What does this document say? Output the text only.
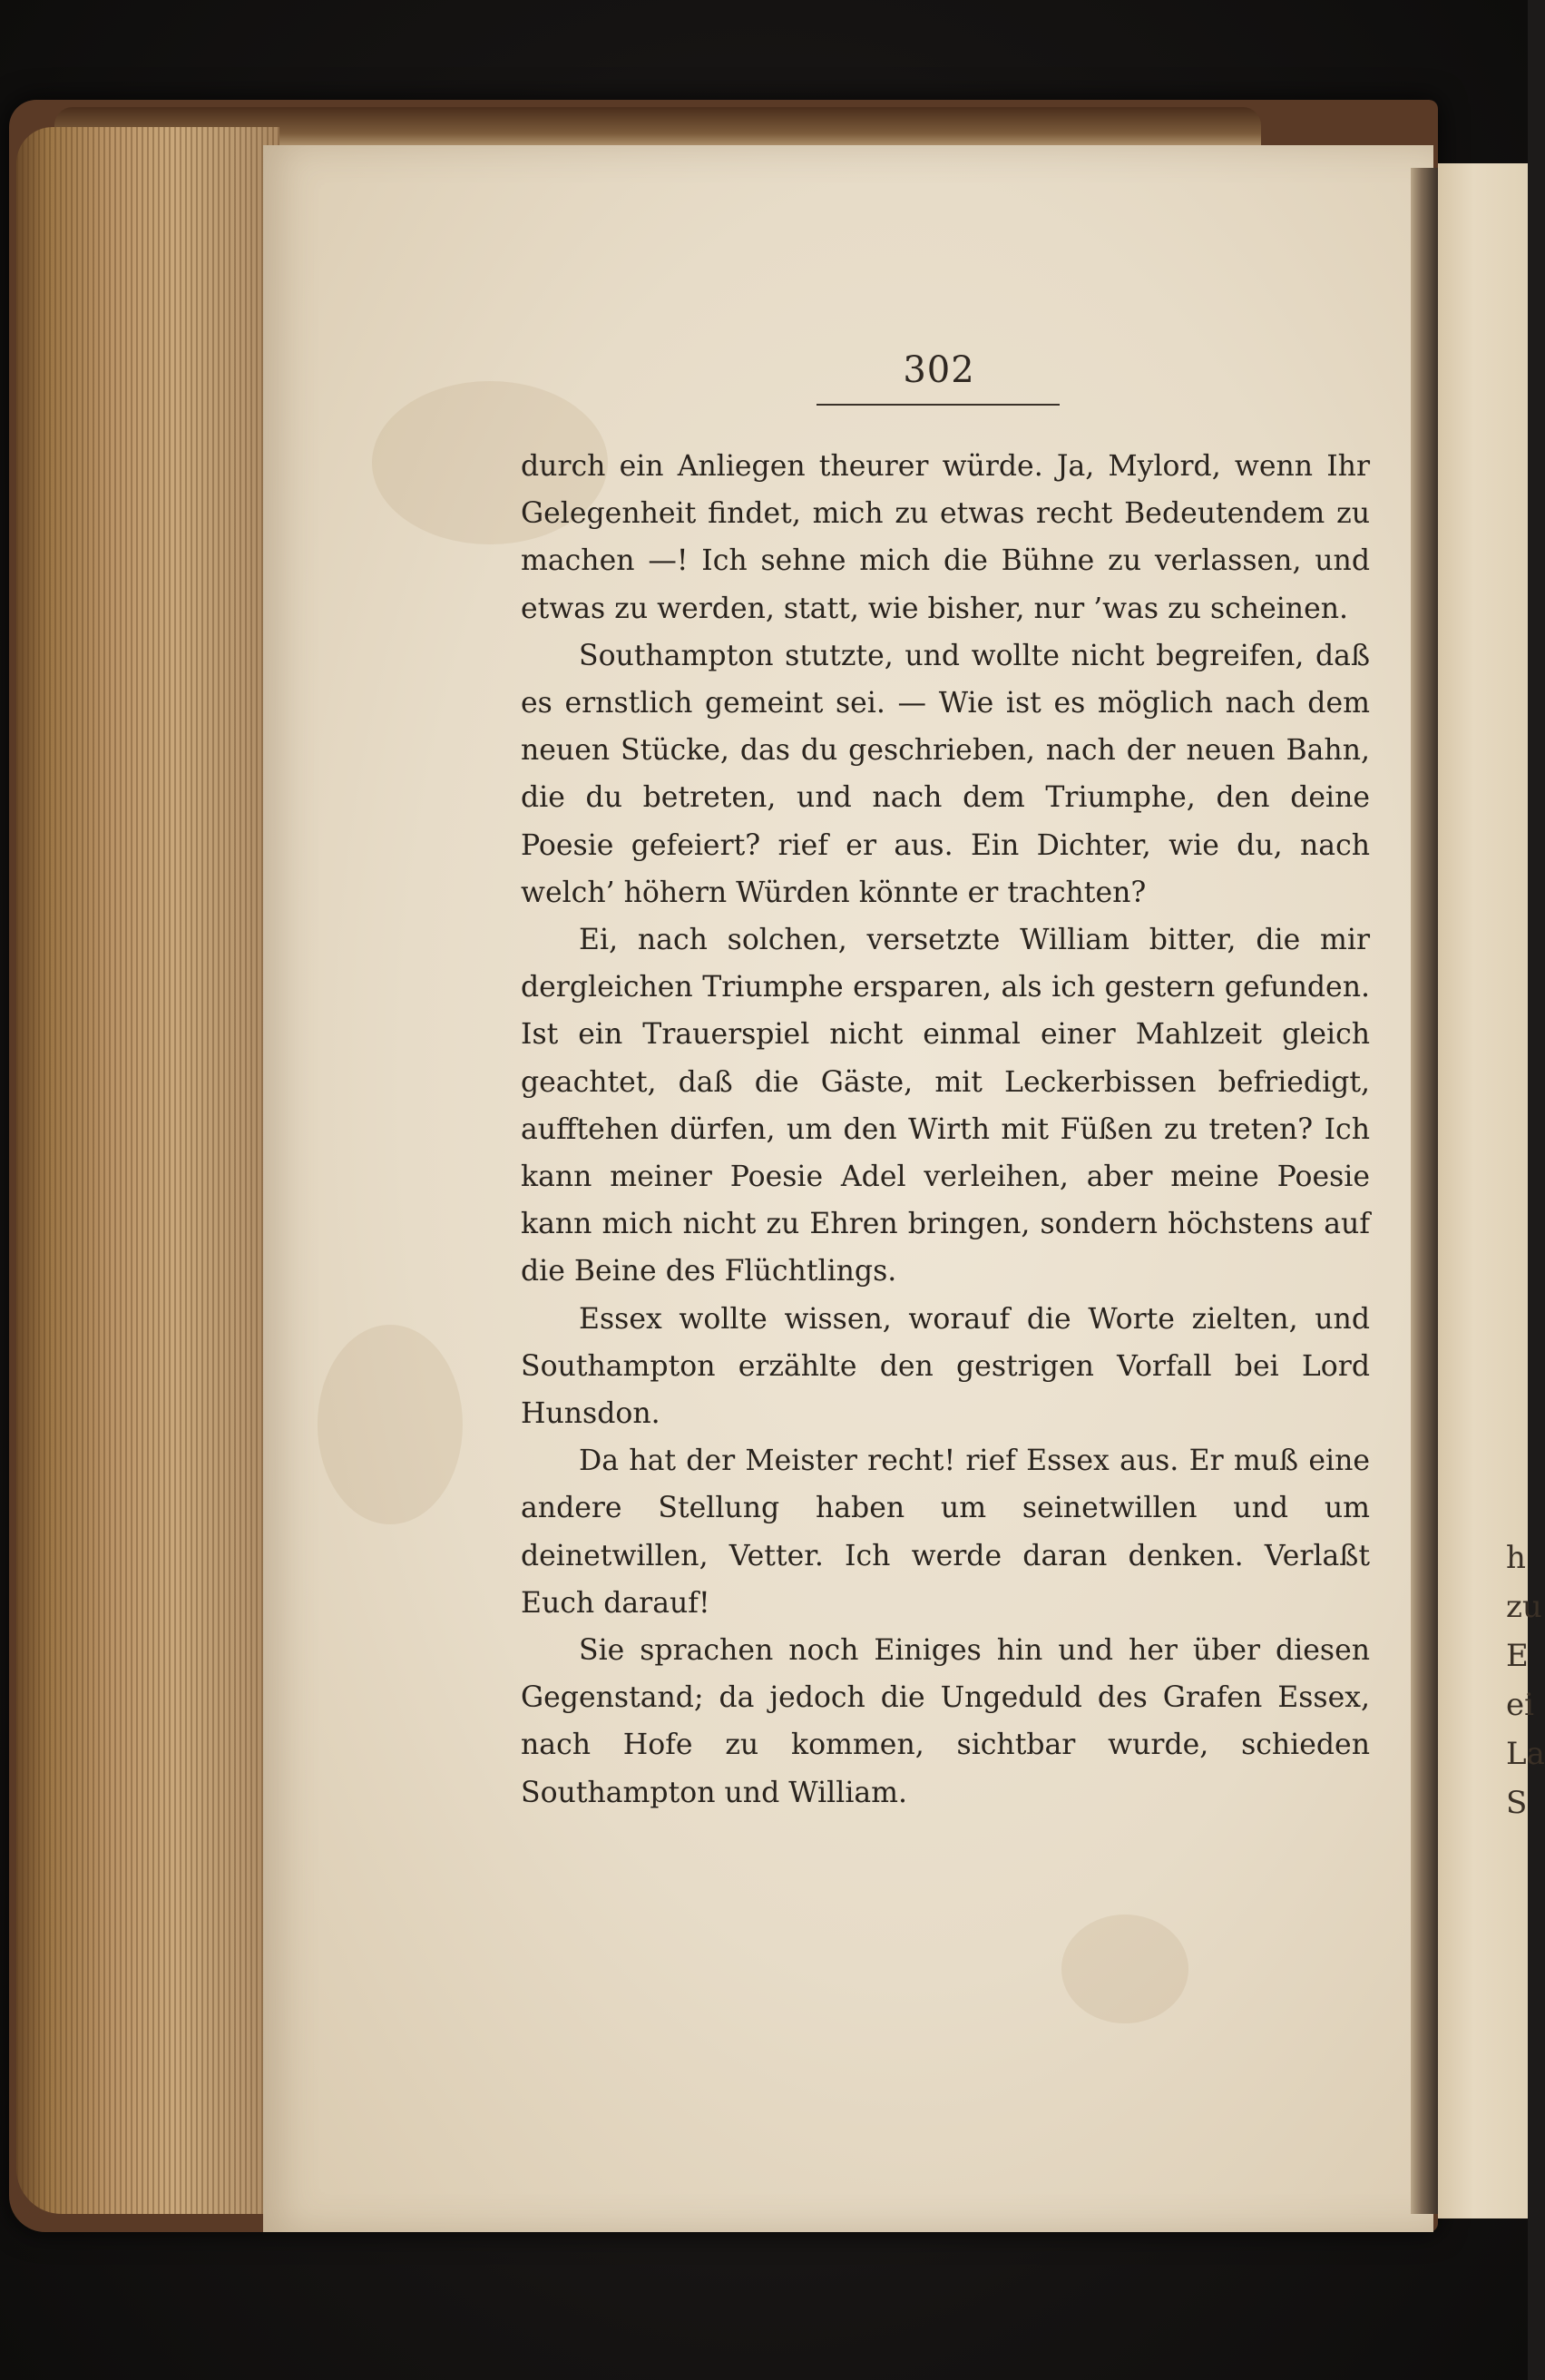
h
zu
E
ei
La
S
302

durch ein Anliegen theurer würde. Ja, Mylord, wenn Ihr Gelegenheit findet, mich zu etwas recht Bedeutendem zu machen —! Ich sehne mich die Bühne zu verlassen, und etwas zu werden, statt, wie bisher, nur ’was zu scheinen.

Southampton stutzte, und wollte nicht begreifen, daß es ernstlich gemeint sei. — Wie ist es möglich nach dem neuen Stücke, das du geschrieben, nach der neuen Bahn, die du betreten, und nach dem Triumphe, den deine Poesie gefeiert? rief er aus. Ein Dichter, wie du, nach welch’ höhern Würden könnte er trachten?

Ei, nach solchen, versetzte William bitter, die mir dergleichen Triumphe ersparen, als ich gestern gefunden. Ist ein Trauerspiel nicht einmal einer Mahlzeit gleich geachtet, daß die Gäste, mit Leckerbissen befriedigt, aufftehen dürfen, um den Wirth mit Füßen zu treten? Ich kann meiner Poesie Adel verleihen, aber meine Poesie kann mich nicht zu Ehren bringen, sondern höchstens auf die Beine des Flüchtlings.

Essex wollte wissen, worauf die Worte zielten, und Southampton erzählte den gestrigen Vorfall bei Lord Hunsdon.

Da hat der Meister recht! rief Essex aus. Er muß eine andere Stellung haben um seinetwillen und um deinetwillen, Vetter. Ich werde daran denken. Verlaßt Euch darauf!

Sie sprachen noch Einiges hin und her über diesen Gegenstand; da jedoch die Ungeduld des Grafen Essex, nach Hofe zu kommen, sichtbar wurde, schieden Southampton und William.
